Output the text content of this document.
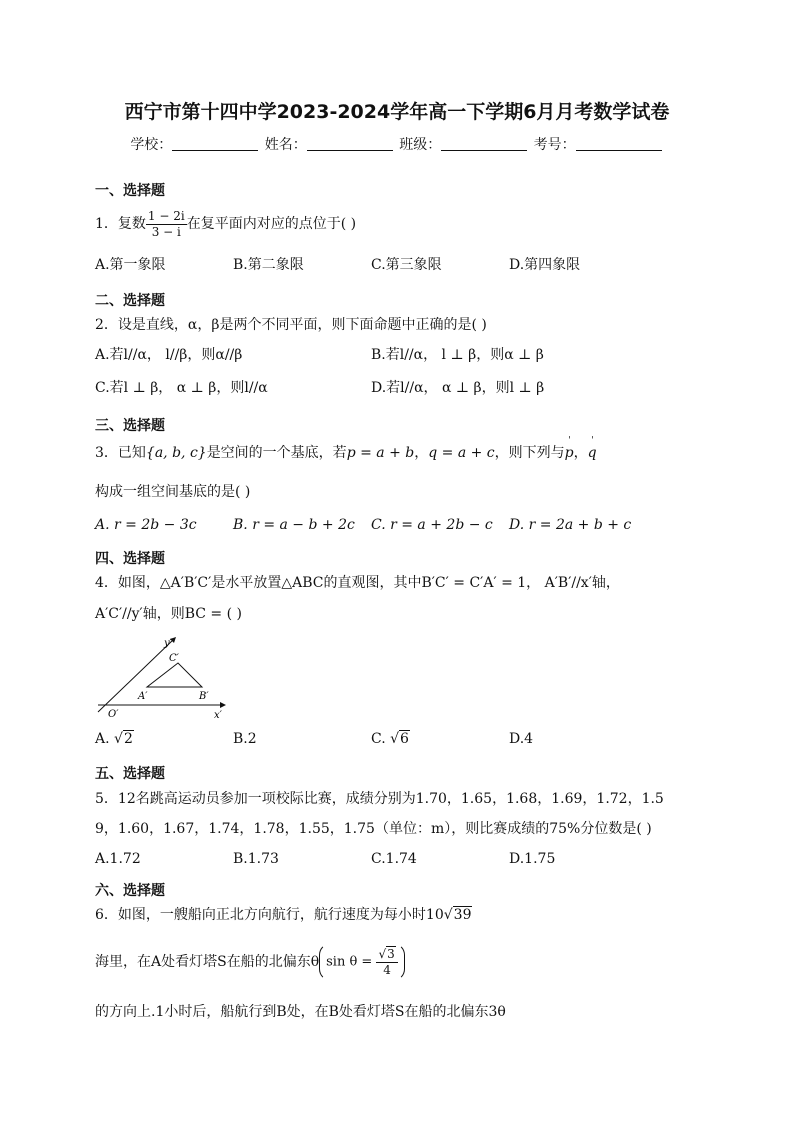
西宁市第十四中学2023-2024学年高一下学期6月月考数学试卷
学校：	姓名：	班级：	考号：
一、选择题
1．复数 $\frac{1 - 2i}{3 - i}$ 在复平面内对应的点位于( )
A.第一象限	B.第二象限	C.第三象限	D.第四象限
二、选择题
2．设是直线，α，β是两个不同平面，则下面命题中正确的是( )
A.若l//α， l//β，则α//β	B.若l//α， l ⊥ β，则α ⊥ β
C.若l ⊥ β， α ⊥ β，则l//α	D.若l//α， α ⊥ β，则l ⊥ β
三、选择题
3．已知{a, b, c}是空间的一个基底，若p = a + b，q = a + c，则下列与' p，' q
构成一组空间基底的是( )
A. r = 2b − 3c	B. r = a − b + 2c C. r = a + 2b − c D. r = 2a + b + c
四、选择题
4．如图，△A′B′C′是水平放置△ABC的直观图，其中B′C′ = C′A′ = 1， A′B′//x′轴，
A′C′//y′轴，则BC = ( )
y′
x′
O′
A′	B′
C′
A. √2	B.2	C. √6	D.4
五、选择题
5．12名跳高运动员参加一项校际比赛，成绩分别为1.70，1.65，1.68，1.69，1.72，1.5
9，1.60，1.67，1.74，1.78，1.55，1.75（单位：m），则比赛成绩的75%分位数是( )
A.1.72	B.1.73	C.1.74	D.1.75
六、选择题
6．如图，一艘船向正北方向航行，航行速度为每小时10√39
海里，在A处看灯塔S在船的北偏东θ $\sin \theta = \frac{√3}{4}$
的方向上.1小时后，船航行到B处，在B处看灯塔S在船的北偏东3θ
